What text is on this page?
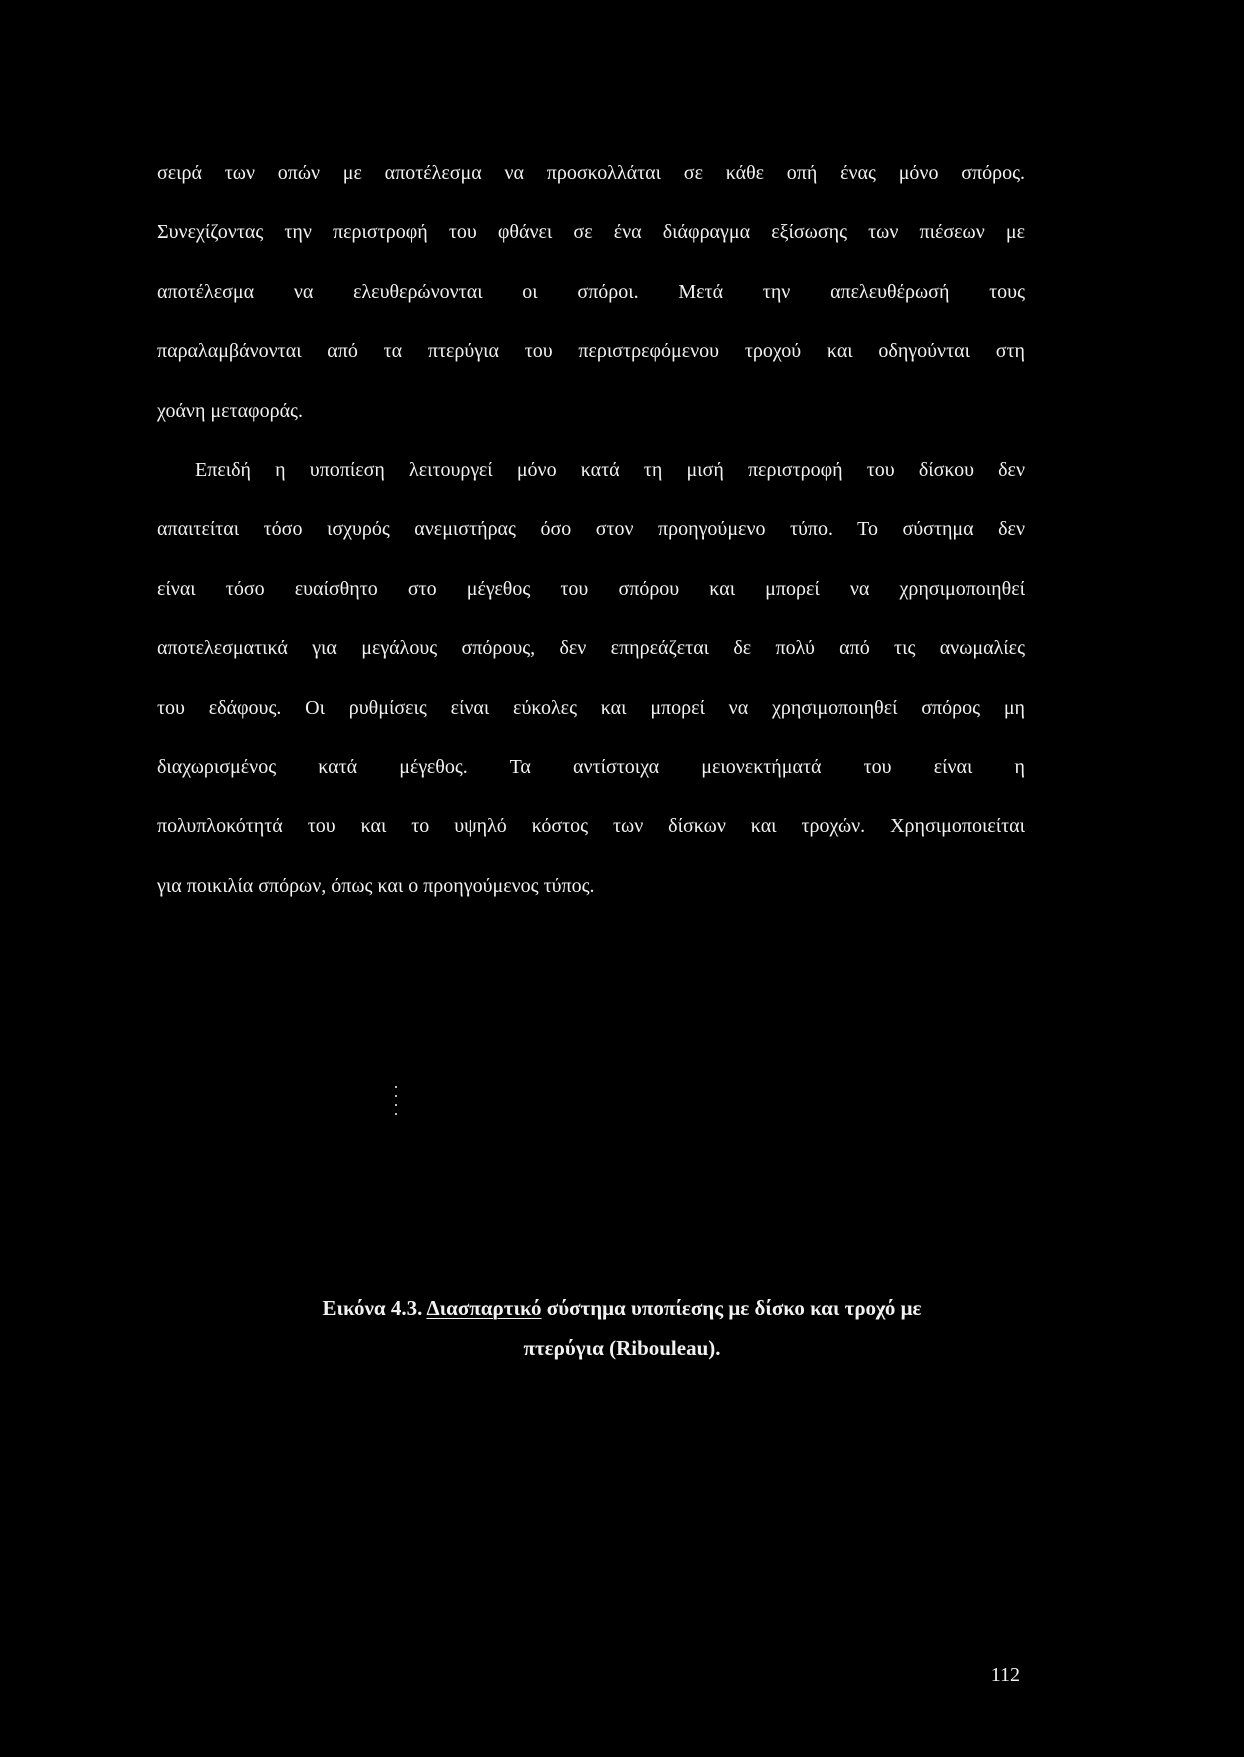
σειρά των οπών με αποτέλεσμα να προσκολλάται σε κάθε οπή ένας μόνο σπόρος.
Συνεχίζοντας την περιστροφή του φθάνει σε ένα διάφραγμα εξίσωσης των πιέσεων με
αποτέλεσμα να ελευθερώνονται οι σπόροι. Μετά την απελευθέρωσή τους
παραλαμβάνονται από τα πτερύγια του περιστρεφόμενου τροχού και οδηγούνται στη
χοάνη μεταφοράς.

Επειδή η υποπίεση λειτουργεί μόνο κατά τη μισή περιστροφή του δίσκου δεν
απαιτείται τόσο ισχυρός ανεμιστήρας όσο στον προηγούμενο τύπο. Το σύστημα δεν
είναι τόσο ευαίσθητο στο μέγεθος του σπόρου και μπορεί να χρησιμοποιηθεί
αποτελεσματικά για μεγάλους σπόρους, δεν επηρεάζεται δε πολύ από τις ανωμαλίες
του εδάφους. Οι ρυθμίσεις είναι εύκολες και μπορεί να χρησιμοποιηθεί σπόρος μη
διαχωρισμένος κατά μέγεθος. Τα αντίστοιχα μειονεκτήματά του είναι η
πολυπλοκότητά του και το υψηλό κόστος των δίσκων και τροχών. Χρησιμοποιείται
για ποικιλία σπόρων, όπως και ο προηγούμενος τύπος.

Εικόνα 4.3. Διασπαρτικό σύστημα υποπίεσης με δίσκο και τροχό με
πτερύγια (Ribouleau).
112
